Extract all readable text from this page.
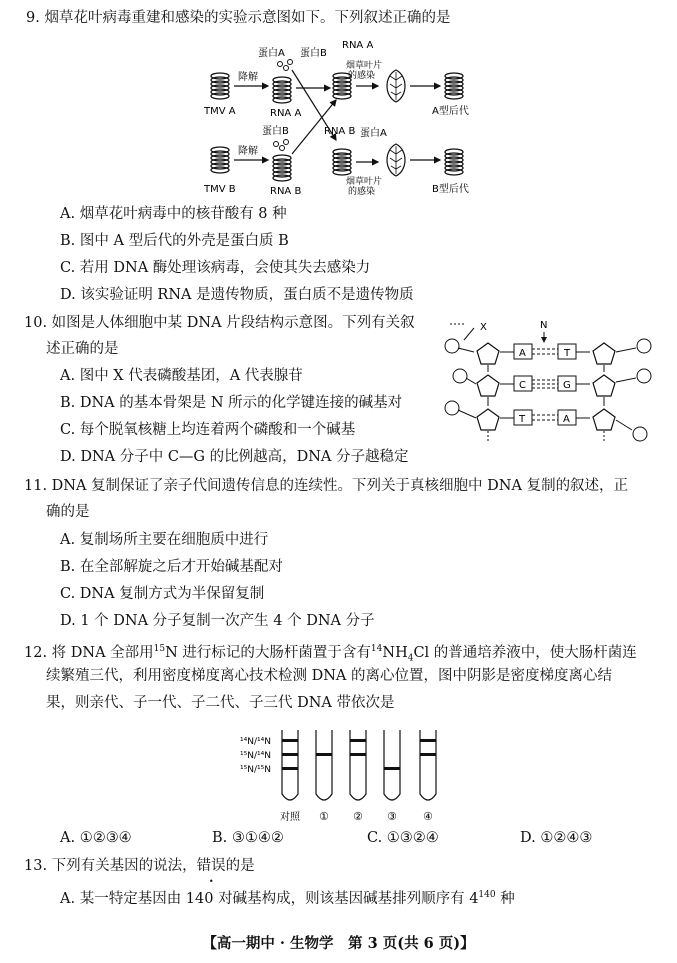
9. 烟草花叶病毒重建和感染的实验示意图如下。下列叙述正确的是
TMV A
降解
蛋白A
RNA A
蛋白B
RNA A
烟草叶片
的感染
A型后代
TMV B
降解
蛋白B
RNA B
RNA B 蛋白A
烟草叶片
的感染	B型后代
A. 烟草花叶病毒中的核苷酸有 8 种
B. 图中 A 型后代的外壳是蛋白质 B
C. 若用 DNA 酶处理该病毒，会使其失去感染力
D. 该实验证明 RNA 是遗传物质，蛋白质不是遗传物质
10. 如图是人体细胞中某 DNA 片段结构示意图。下列有关叙
述正确的是
X	N
A	T
C	G
T	A
A. 图中 X 代表磷酸基团，A 代表腺苷
B. DNA 的基本骨架是 N 所示的化学键连接的碱基对
C. 每个脱氧核糖上均连着两个磷酸和一个碱基
D. DNA 分子中 C—G 的比例越高，DNA 分子越稳定
11. DNA 复制保证了亲子代间遗传信息的连续性。下列关于真核细胞中 DNA 复制的叙述，正
确的是
A. 复制场所主要在细胞质中进行
B. 在全部解旋之后才开始碱基配对
C. DNA 复制方式为半保留复制
D. 1 个 DNA 分子复制一次产生 4 个 DNA 分子
12. 将 DNA 全部用$^{15}$N 进行标记的大肠杆菌置于含有$^{14}NH_4Cl$ 的普通培养液中，使大肠杆菌连
续繁殖三代，利用密度梯度离心技术检测 DNA 的离心位置，图中阴影是密度梯度离心结
果，则亲代、子一代、子二代、子三代 DNA 带依次是
¹⁴N/¹⁴N
¹⁵N/¹⁴N
¹⁵N/¹⁵N
对照 ① ② ③ ④
A. ①②③④	B. ③①④②	C. ①③②④	D. ①②④③
13. 下列有关基因的说法，错误的是
A. 某一特定基因由 140 对碱基构成，则该基因碱基排列顺序有 $4^{140}$ 种
【高一期中 · 生物学　第 3 页(共 6 页)】
